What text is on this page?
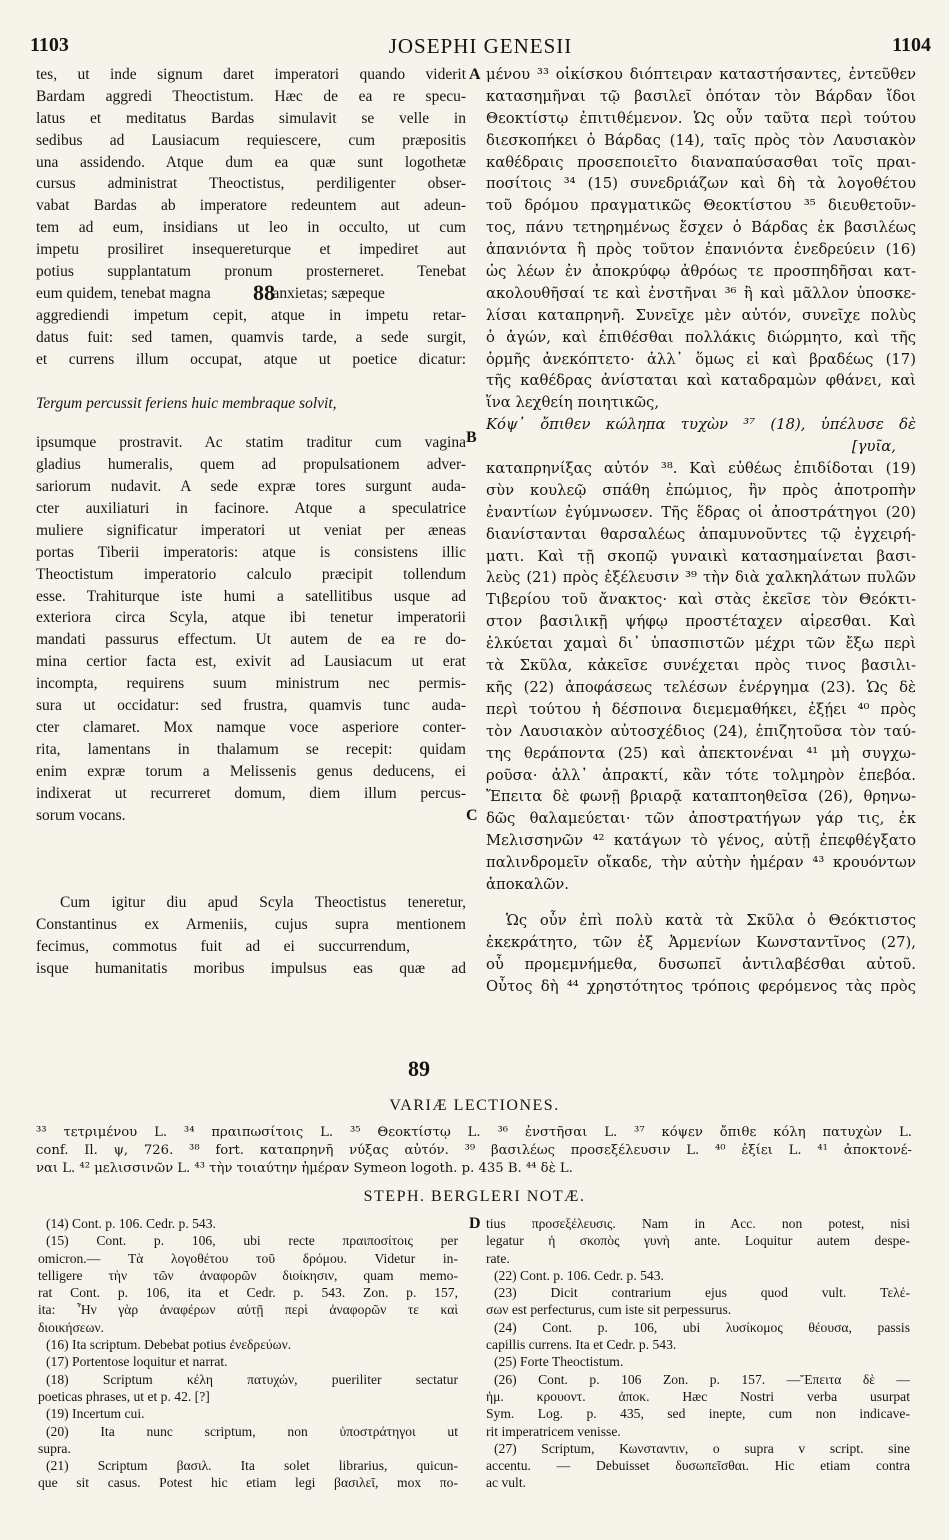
1103	JOSEPHI GENESII	1104
tes, ut inde signum daret imperatori quando viderit
Bardam aggredi Theoctistum. Hæc de ea re specu-
latus et meditatus Bardas simulavit se velle in
sedibus ad Lausiacum requiescere, cum præpositis
una assidendo. Atque dum ea quæ sunt logothetæ
cursus administrat Theoctistus, perdiligenter obser-
vabat Bardas ab imperatore redeuntem aut adeun-
tem ad eum, insidians ut leo in occulto, ut cum
impetu prosiliret insequereturque et impediret aut
potius supplantatum pronum prosterneret. Tenebat
eum quidem, tenebat magna	anxietas; sæpeque
aggrediendi impetum cepit, atque in impetu retar-
datus fuit: sed tamen, quamvis tarde, a sede surgit,
et currens illum occupat, atque ut poetice dicatur:
Tergum percussit feriens huic membraque solvit,
ipsumque prostravit. Ac statim traditur cum vagina
gladius humeralis, quem ad propulsationem adver-
sariorum nudavit. A sede expræ tores surgunt auda-
cter auxiliaturi in facinore. Atque a speculatrice
muliere significatur imperatori ut veniat per æneas
portas Tiberii imperatoris: atque is consistens illic
Theoctistum imperatorio calculo præcipit tollendum
esse. Trahiturque iste humi a satellitibus usque ad
exteriora circa Scyla, atque ibi tenetur imperatorii
mandati passurus effectum. Ut autem de ea re do-
mina certior facta est, exivit ad Lausiacum ut erat
incompta, requirens suum ministrum nec permis-
sura ut occidatur: sed frustra, quamvis tunc auda-
cter clamaret. Mox namque voce asperiore conter-
rita, lamentans in thalamum se recepit: quidam
enim expræ torum a Melissenis genus deducens, ei
indixerat ut recurreret domum, diem illum percus-
sorum vocans.
Cum igitur diu apud Scyla Theoctistus teneretur,
Constantinus ex Armeniis, cujus supra mentionem
fecimus, commotus fuit ad ei succurrendum,
isque humanitatis moribus impulsus eas quæ ad
88
89
A
B
C
D
μένου ³³ οἰκίσκου διόπτειραν καταστήσαντες, ἐντεῦθεν
κατασημῆναι τῷ βασιλεῖ ὁπόταν τὸν Βάρδαν ἴδοι
Θεοκτίστῳ ἐπιτιθέμενον. Ὡς οὖν ταῦτα περὶ τούτου
διεσκοπήκει ὁ Βάρδας (14), ταῖς πρὸς τὸν Λαυσιακὸν
καθέδραις προσεποιεῖτο διαναπαύσασθαι τοῖς πραι-
ποσίτοις ³⁴ (15) συνεδριάζων καὶ δὴ τὰ λογοθέτου
τοῦ δρόμου πραγματικῶς Θεοκτίστου ³⁵ διευθετοῦν-
τος, πάνυ τετηρημένως ἔσχεν ὁ Βάρδας ἐκ βασιλέως
ἀπανιόντα ἢ πρὸς τοῦτον ἐπανιόντα ἐνεδρεύειν (16)
ὡς λέων ἐν ἀποκρύφῳ ἀθρόως τε προσπηδῆσαι κατ-
ακολουθῆσαί τε καὶ ἐνστῆναι ³⁶ ἢ καὶ μᾶλλον ὑποσκε-
λίσαι καταπρηνῆ. Συνεῖχε μὲν αὐτόν, συνεῖχε πολὺς
ὁ ἀγών, καὶ ἐπιθέσθαι πολλάκις διώρμητο, καὶ τῆς
ὁρμῆς ἀνεκόπτετο· ἀλλ᾽ ὅμως εἰ καὶ βραδέως (17)
τῆς καθέδρας ἀνίσταται καὶ καταδραμὼν φθάνει, καὶ
ἵνα λεχθείη ποιητικῶς,
Κόψ᾽ ὄπιθεν κώληπα τυχὼν ³⁷ (18), ὑπέλυσε δὲ
[γυῖα,
καταπρηνίξας αὐτόν ³⁸. Καὶ εὐθέως ἐπιδίδοται (19)
σὺν κουλεῷ σπάθη ἐπώμιος, ἣν πρὸς ἀποτροπὴν
ἐναντίων ἐγύμνωσεν. Τῆς ἕδρας οἱ ἀποστράτηγοι (20)
διανίστανται θαρσαλέως ἀπαμυνοῦντες τῷ ἐγχειρή-
ματι. Καὶ τῇ σκοπῷ γυναικὶ κατασημαίνεται βασι-
λεὺς (21) πρὸς ἐξέλευσιν ³⁹ τὴν διὰ χαλκηλάτων πυλῶν
Τιβερίου τοῦ ἄνακτος· καὶ στὰς ἐκεῖσε τὸν Θεόκτι-
στον βασιλικῇ ψήφῳ προστέταχεν αἱρεσθαι. Καὶ
ἑλκύεται χαμαὶ δι᾽ ὑπασπιστῶν μέχρι τῶν ἔξω περὶ
τὰ Σκῦλα, κἀκεῖσε συνέχεται πρὸς τινος βασιλι-
κῆς (22) ἀποφάσεως τελέσων ἐνέργημα (23). Ὡς δὲ
περὶ τούτου ἡ δέσποινα διεμεμαθήκει, ἐξῄει ⁴⁰ πρὸς
τὸν Λαυσιακὸν αὐτοσχέδιος (24), ἐπιζητοῦσα τὸν ταύ-
της θεράποντα (25) καὶ ἀπεκτονέναι ⁴¹ μὴ συγχω-
ροῦσα· ἀλλ᾽ ἀπρακτί, κἂν τότε τολμηρὸν ἐπεβόα.
Ἔπειτα δὲ φωνῇ βριαρᾷ καταπτοηθεῖσα (26), θρηνω-
δῶς θαλαμεύεται· τῶν ἀποστρατήγων γάρ τις, ἐκ
Μελισσηνῶν ⁴² κατάγων τὸ γένος, αὐτῇ ἐπεφθέγξατο
παλινδρομεῖν οἴκαδε, τὴν αὐτὴν ἡμέραν ⁴³ κρουόντων
ἀποκαλῶν.
Ὡς οὖν ἐπὶ πολὺ κατὰ τὰ Σκῦλα ὁ Θεόκτιστος
ἐκεκράτητο, τῶν ἐξ Ἀρμενίων Κωνσταντῖνος (27),
οὗ προμεμνήμεθα, δυσωπεῖ ἀντιλαβέσθαι αὐτοῦ.
Οὗτος δὴ ⁴⁴ χρηστότητος τρόποις φερόμενος τὰς πρὸς
VARIÆ LECTIONES.
³³ τετριμένου L. ³⁴ πραιπωσίτοις L. ³⁵ Θεοκτίστῳ L. ³⁶ ἐνστῆσαι L. ³⁷ κόψεν ὄπιθε κόλη πατυχὼν L.
conf. Il. ψ, 726. ³⁸ fort. καταπρηνῆ νύξας αὐτόν. ³⁹ βασιλέως προσεξέλευσιν L. ⁴⁰ ἐξίει L. ⁴¹ ἀποκτονέ-
ναι L. ⁴² μελισσινῶν L. ⁴³ τὴν τοιαύτην ἡμέραν Symeon logoth. p. 435 B. ⁴⁴ δὲ L.
STEPH. BERGLERI NOTÆ.
(14) Cont. p. 106. Cedr. p. 543.
(15) Cont. p. 106, ubi recte πραιποσίτοις per
omicron.— Τὰ λογοθέτου τοῦ δρόμου. Videtur in-
telligere τὴν τῶν ἀναφορῶν διοίκησιν, quam memo-
rat Cont. p. 106, ita et Cedr. p. 543. Zon. p. 157,
ita: Ἦν γὰρ ἀναφέρων αὐτῇ περὶ ἀναφορῶν τε καὶ
διοικήσεων.
(16) Ita scriptum. Debebat potius ἐνεδρεύων.
(17) Portentose loquitur et narrat.
(18) Scriptum κέλη πατυχών, pueriliter sectatur
poeticas phrases, ut et p. 42. [?]
(19) Incertum cui.
(20) Ita nunc scriptum, non ὑποστράτηγοι ut
supra.
(21) Scriptum βασιλ. Ita solet librarius, quicun-
que sit casus. Potest hic etiam legi βασιλεῖ, mox πο-
tius προσεξέλευσις. Nam in Acc. non potest, nisi
legatur ἡ σκοπὸς γυνὴ ante. Loquitur autem despe-
rate.
(22) Cont. p. 106. Cedr. p. 543.
(23) Dicit contrarium ejus quod vult. Τελέ-
σων est perfecturus, cum iste sit perpessurus.
(24) Cont. p. 106, ubi λυσίκομος θέουσα, passis
capillis currens. Ita et Cedr. p. 543.
(25) Forte Theoctistum.
(26) Cont. p. 106 Zon. p. 157. —Ἔπειτα δὲ —
ἡμ. κρουοντ. ἀποκ. Hæc Nostri verba usurpat
Sym. Log. p. 435, sed inepte, cum non indicave-
rit imperatricem venisse.
(27) Scriptum, Κωνσταντιν, o supra v script. sine
accentu. — Debuisset δυσωπεῖσθαι. Hic etiam contra
ac vult.
